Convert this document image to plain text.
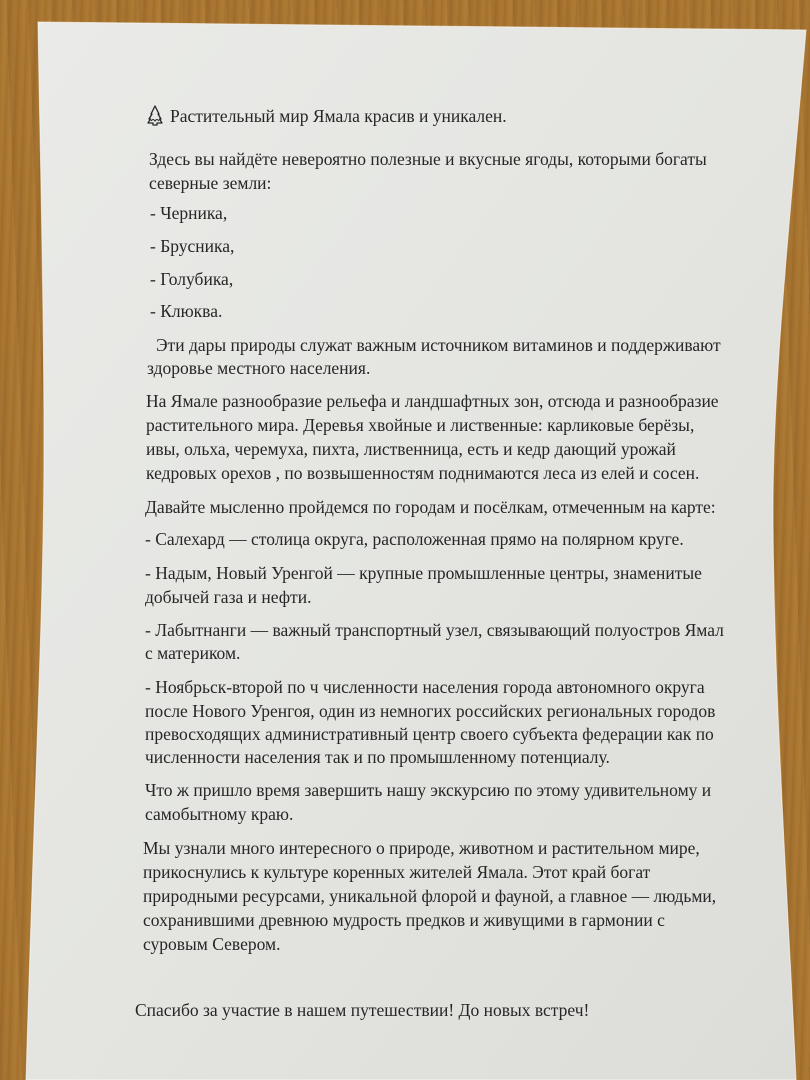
Растительный мир Ямала красив и уникален.
Здесь вы найдёте невероятно полезные и вкусные ягоды, которыми богаты
северные земли:
- Черника,
- Брусника,
- Голубика,
- Клюква.
Эти дары природы служат важным источником витаминов и поддерживают
здоровье местного населения.
На Ямале разнообразие рельефа и ландшафтных зон, отсюда и разнообразие
растительного мира. Деревья хвойные и лиственные: карликовые берёзы,
ивы, ольха, черемуха, пихта, лиственница, есть и кедр дающий урожай
кедровых орехов , по возвышенностям поднимаются леса из елей и сосен.
Давайте мысленно пройдемся по городам и посёлкам, отмеченным на карте:
- Салехард — столица округа, расположенная прямо на полярном круге.
- Надым, Новый Уренгой — крупные промышленные центры, знаменитые
добычей газа и нефти.
- Лабытнанги — важный транспортный узел, связывающий полуостров Ямал
с материком.
- Ноябрьск-второй по ч численности населения города автономного округа
после Нового Уренгоя, один из немногих российских региональных городов
превосходящих административный центр своего субъекта федерации как по
численности населения так и по промышленному потенциалу.
Что ж пришло время завершить нашу экскурсию по этому удивительному и
самобытному краю.
Мы узнали много интересного о природе, животном и растительном мире,
прикоснулись к культуре коренных жителей Ямала. Этот край богат
природными ресурсами, уникальной флорой и фауной, а главное — людьми,
сохранившими древнюю мудрость предков и живущими в гармонии с
суровым Севером.
Спасибо за участие в нашем путешествии! До новых встреч!
